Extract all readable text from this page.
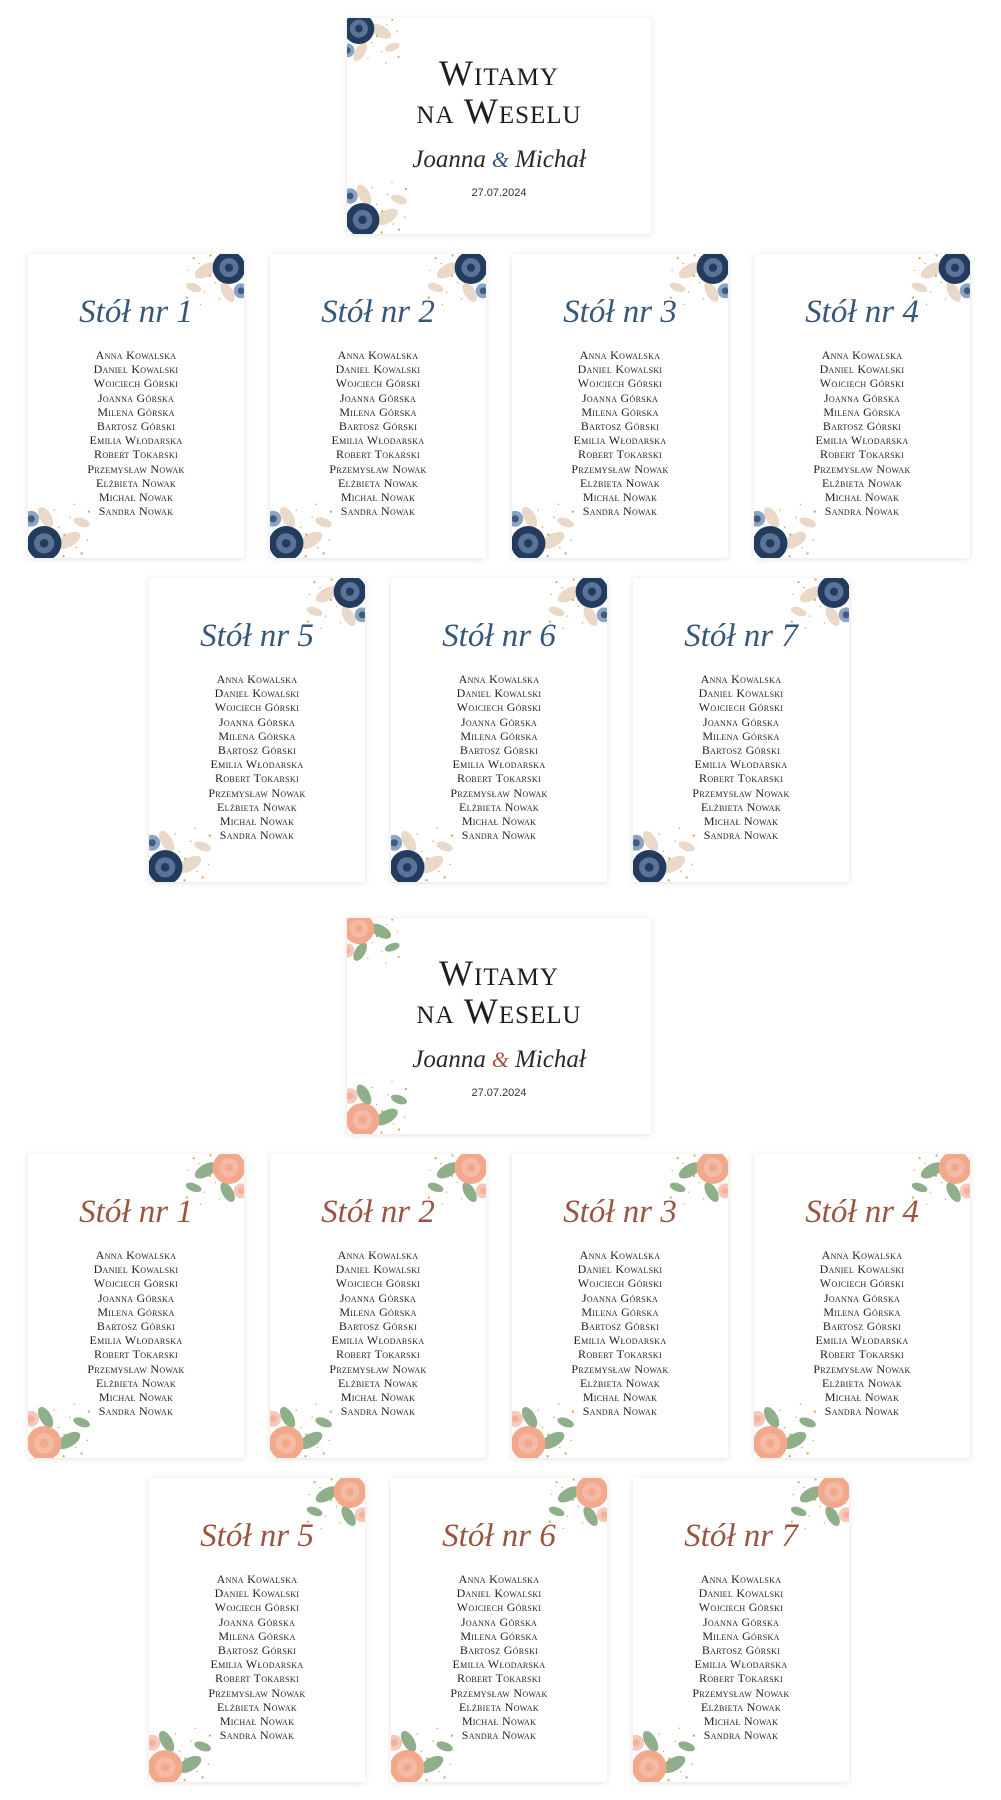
Witamy
na Weselu
Joanna & Michał
27.07.2024
Stół nr 1
Anna Kowalska
Daniel Kowalski
Wojciech Górski
Joanna Górska
Milena Górska
Bartosz Górski
Emilia Włodarska
Robert Tokarski
Przemysław Nowak
Elżbieta Nowak
Michał Nowak
Sandra Nowak
Stół nr 2
Anna Kowalska
Daniel Kowalski
Wojciech Górski
Joanna Górska
Milena Górska
Bartosz Górski
Emilia Włodarska
Robert Tokarski
Przemysław Nowak
Elżbieta Nowak
Michał Nowak
Sandra Nowak
Stół nr 3
Anna Kowalska
Daniel Kowalski
Wojciech Górski
Joanna Górska
Milena Górska
Bartosz Górski
Emilia Włodarska
Robert Tokarski
Przemysław Nowak
Elżbieta Nowak
Michał Nowak
Sandra Nowak
Stół nr 4
Anna Kowalska
Daniel Kowalski
Wojciech Górski
Joanna Górska
Milena Górska
Bartosz Górski
Emilia Włodarska
Robert Tokarski
Przemysław Nowak
Elżbieta Nowak
Michał Nowak
Sandra Nowak
Stół nr 5
Anna Kowalska
Daniel Kowalski
Wojciech Górski
Joanna Górska
Milena Górska
Bartosz Górski
Emilia Włodarska
Robert Tokarski
Przemysław Nowak
Elżbieta Nowak
Michał Nowak
Sandra Nowak
Stół nr 6
Anna Kowalska
Daniel Kowalski
Wojciech Górski
Joanna Górska
Milena Górska
Bartosz Górski
Emilia Włodarska
Robert Tokarski
Przemysław Nowak
Elżbieta Nowak
Michał Nowak
Sandra Nowak
Stół nr 7
Anna Kowalska
Daniel Kowalski
Wojciech Górski
Joanna Górska
Milena Górska
Bartosz Górski
Emilia Włodarska
Robert Tokarski
Przemysław Nowak
Elżbieta Nowak
Michał Nowak
Sandra Nowak
Witamy
na Weselu
Joanna & Michał
27.07.2024
Stół nr 1
Anna Kowalska
Daniel Kowalski
Wojciech Górski
Joanna Górska
Milena Górska
Bartosz Górski
Emilia Włodarska
Robert Tokarski
Przemysław Nowak
Elżbieta Nowak
Michał Nowak
Sandra Nowak
Stół nr 2
Anna Kowalska
Daniel Kowalski
Wojciech Górski
Joanna Górska
Milena Górska
Bartosz Górski
Emilia Włodarska
Robert Tokarski
Przemysław Nowak
Elżbieta Nowak
Michał Nowak
Sandra Nowak
Stół nr 3
Anna Kowalska
Daniel Kowalski
Wojciech Górski
Joanna Górska
Milena Górska
Bartosz Górski
Emilia Włodarska
Robert Tokarski
Przemysław Nowak
Elżbieta Nowak
Michał Nowak
Sandra Nowak
Stół nr 4
Anna Kowalska
Daniel Kowalski
Wojciech Górski
Joanna Górska
Milena Górska
Bartosz Górski
Emilia Włodarska
Robert Tokarski
Przemysław Nowak
Elżbieta Nowak
Michał Nowak
Sandra Nowak
Stół nr 5
Anna Kowalska
Daniel Kowalski
Wojciech Górski
Joanna Górska
Milena Górska
Bartosz Górski
Emilia Włodarska
Robert Tokarski
Przemysław Nowak
Elżbieta Nowak
Michał Nowak
Sandra Nowak
Stół nr 6
Anna Kowalska
Daniel Kowalski
Wojciech Górski
Joanna Górska
Milena Górska
Bartosz Górski
Emilia Włodarska
Robert Tokarski
Przemysław Nowak
Elżbieta Nowak
Michał Nowak
Sandra Nowak
Stół nr 7
Anna Kowalska
Daniel Kowalski
Wojciech Górski
Joanna Górska
Milena Górska
Bartosz Górski
Emilia Włodarska
Robert Tokarski
Przemysław Nowak
Elżbieta Nowak
Michał Nowak
Sandra Nowak
